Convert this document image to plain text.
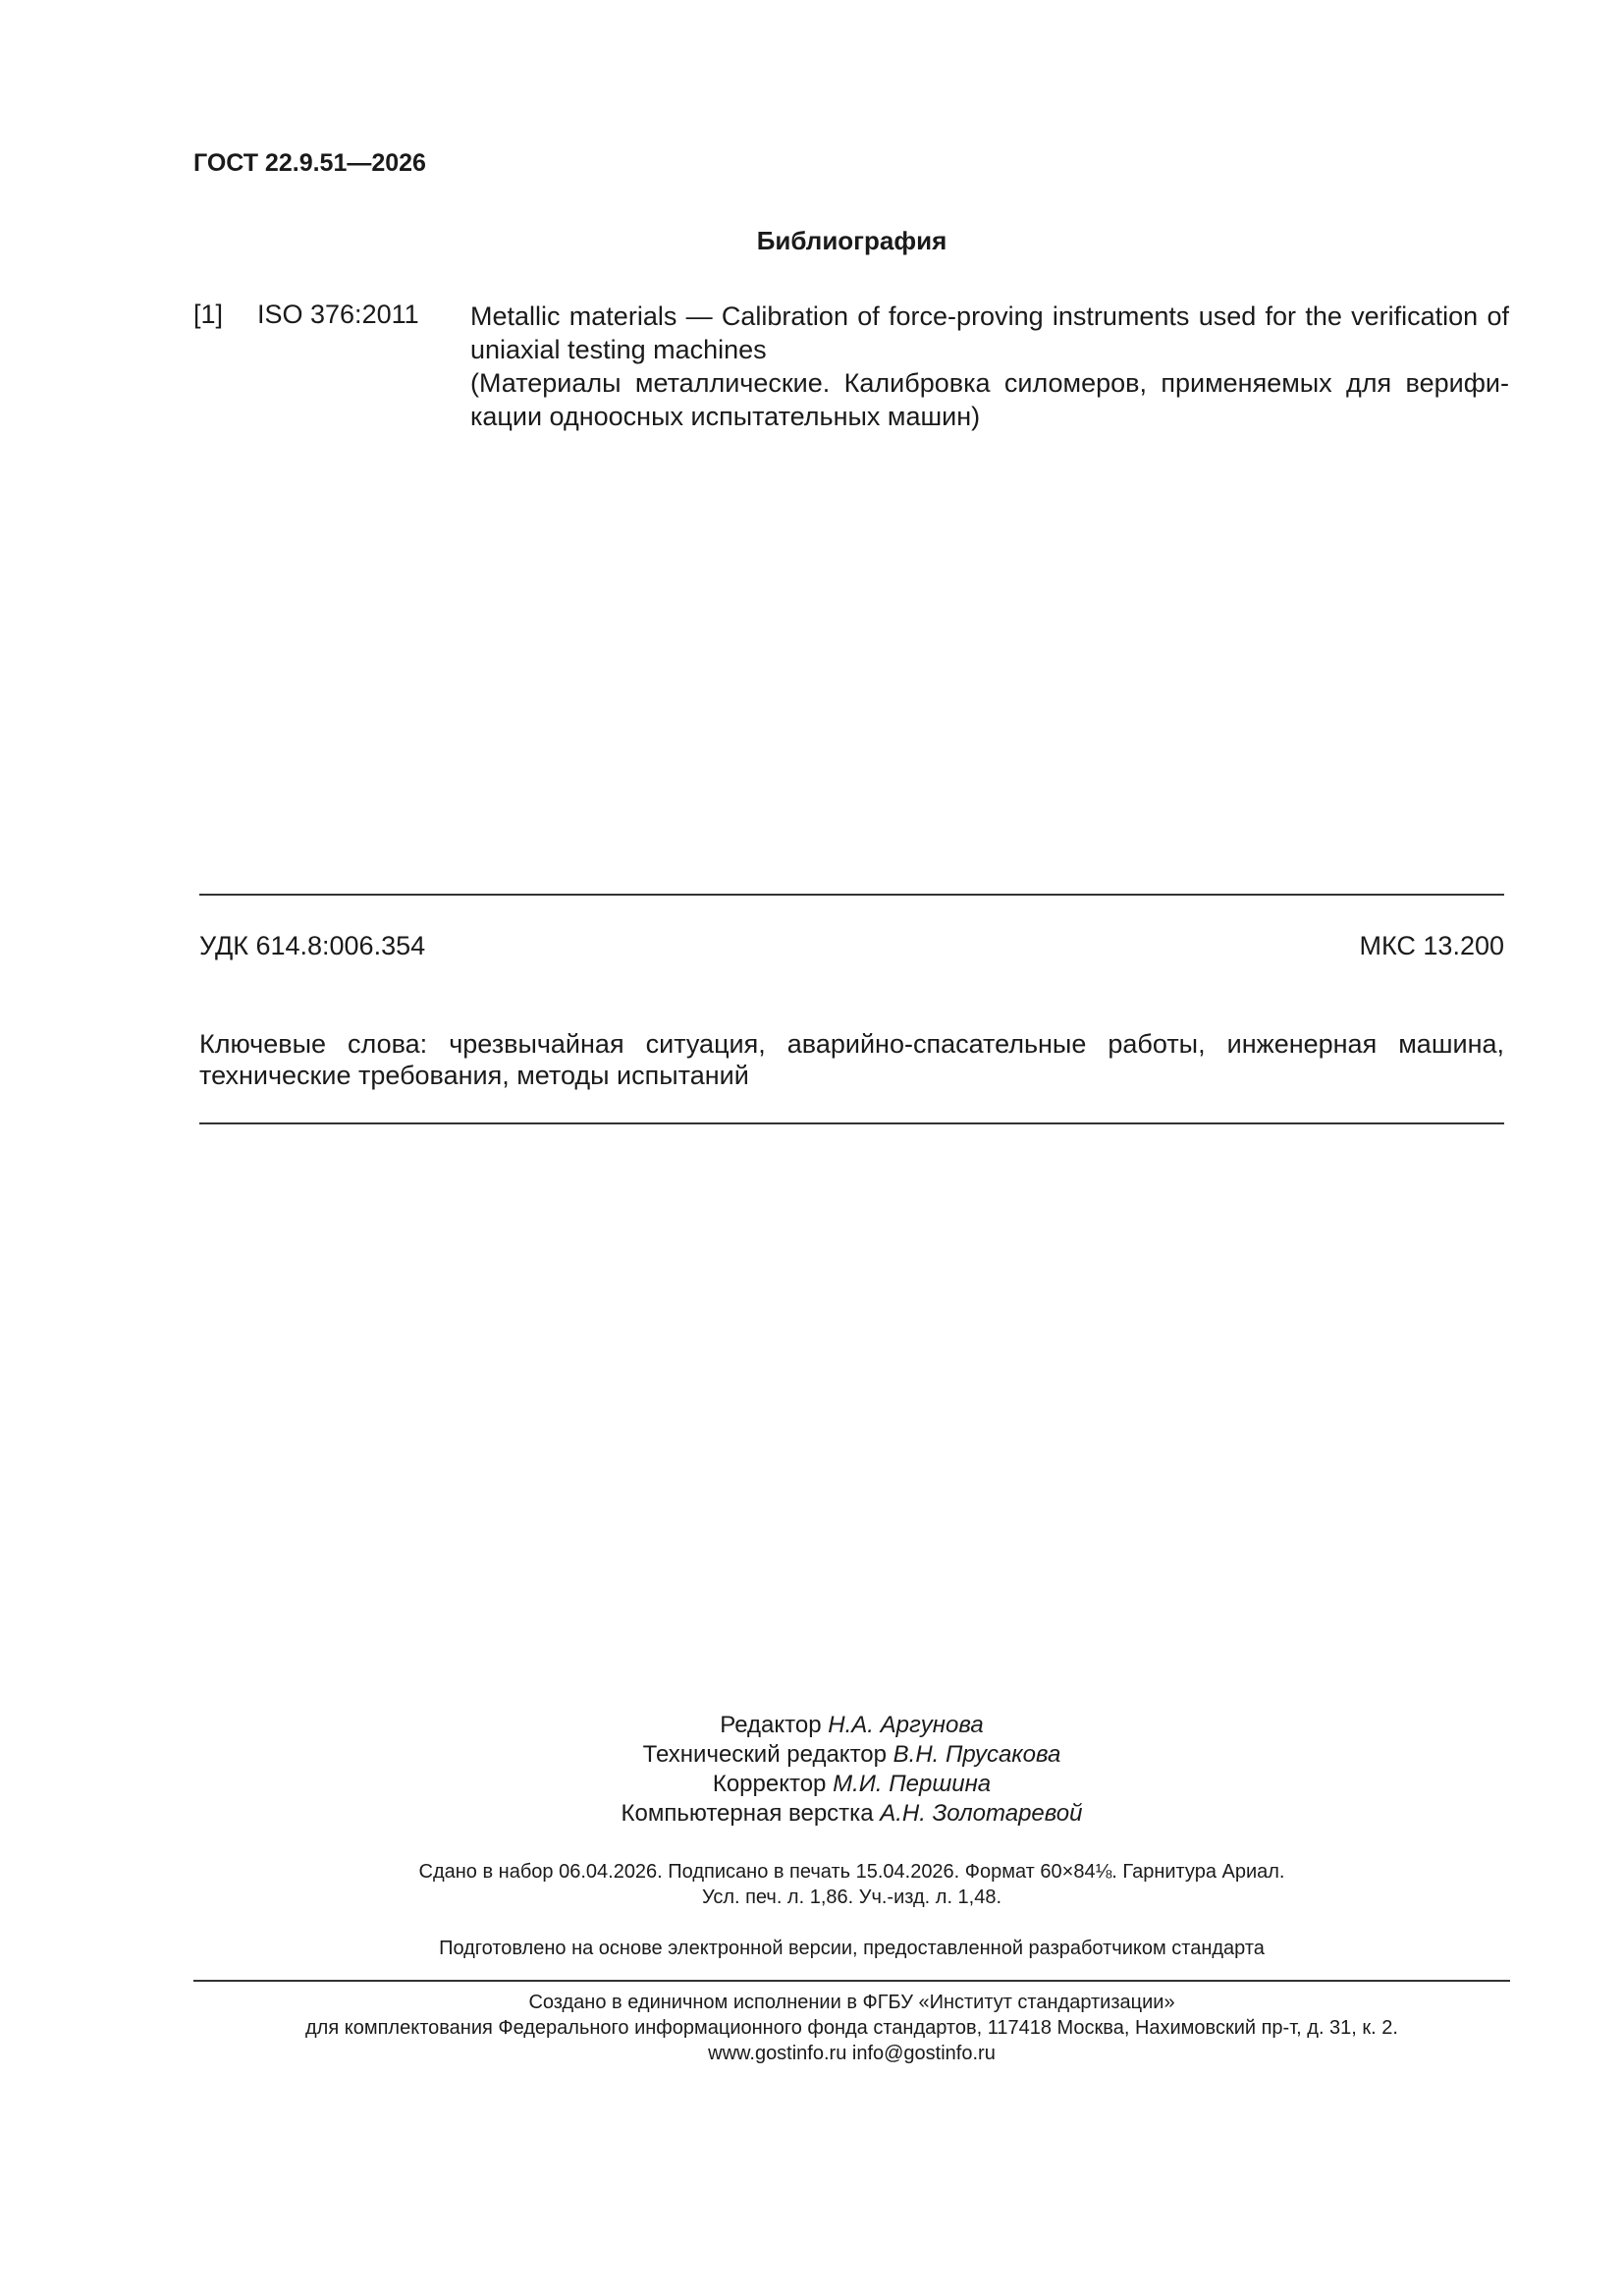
ГОСТ 22.9.51—2026
Библиография
[1] ISO 376:2011 Metallic materials — Calibration of force-proving instruments used for the verification of uniaxial testing machines

(Материалы металлические. Калибровка силомеров, применяемых для верифи-кации одноосных испытательных машин)

УДК 614.8:006.354	МКС 13.200
Ключевые слова: чрезвычайная ситуация, аварийно-спасательные работы, инженерная машина, технические требования, методы испытаний
Редактор Н.А. Аргунова
Технический редактор В.Н. Прусакова
Корректор М.И. Першина
Компьютерная верстка А.Н. Золотаревой
Сдано в набор 06.04.2026. Подписано в печать 15.04.2026. Формат 60×84⅛. Гарнитура Ариал.
Усл. печ. л. 1,86. Уч.-изд. л. 1,48.
Подготовлено на основе электронной версии, предоставленной разработчиком стандарта
Создано в единичном исполнении в ФГБУ «Институт стандартизации»
для комплектования Федерального информационного фонда стандартов, 117418 Москва, Нахимовский пр-т, д. 31, к. 2.
www.gostinfo.ru info@gostinfo.ru
